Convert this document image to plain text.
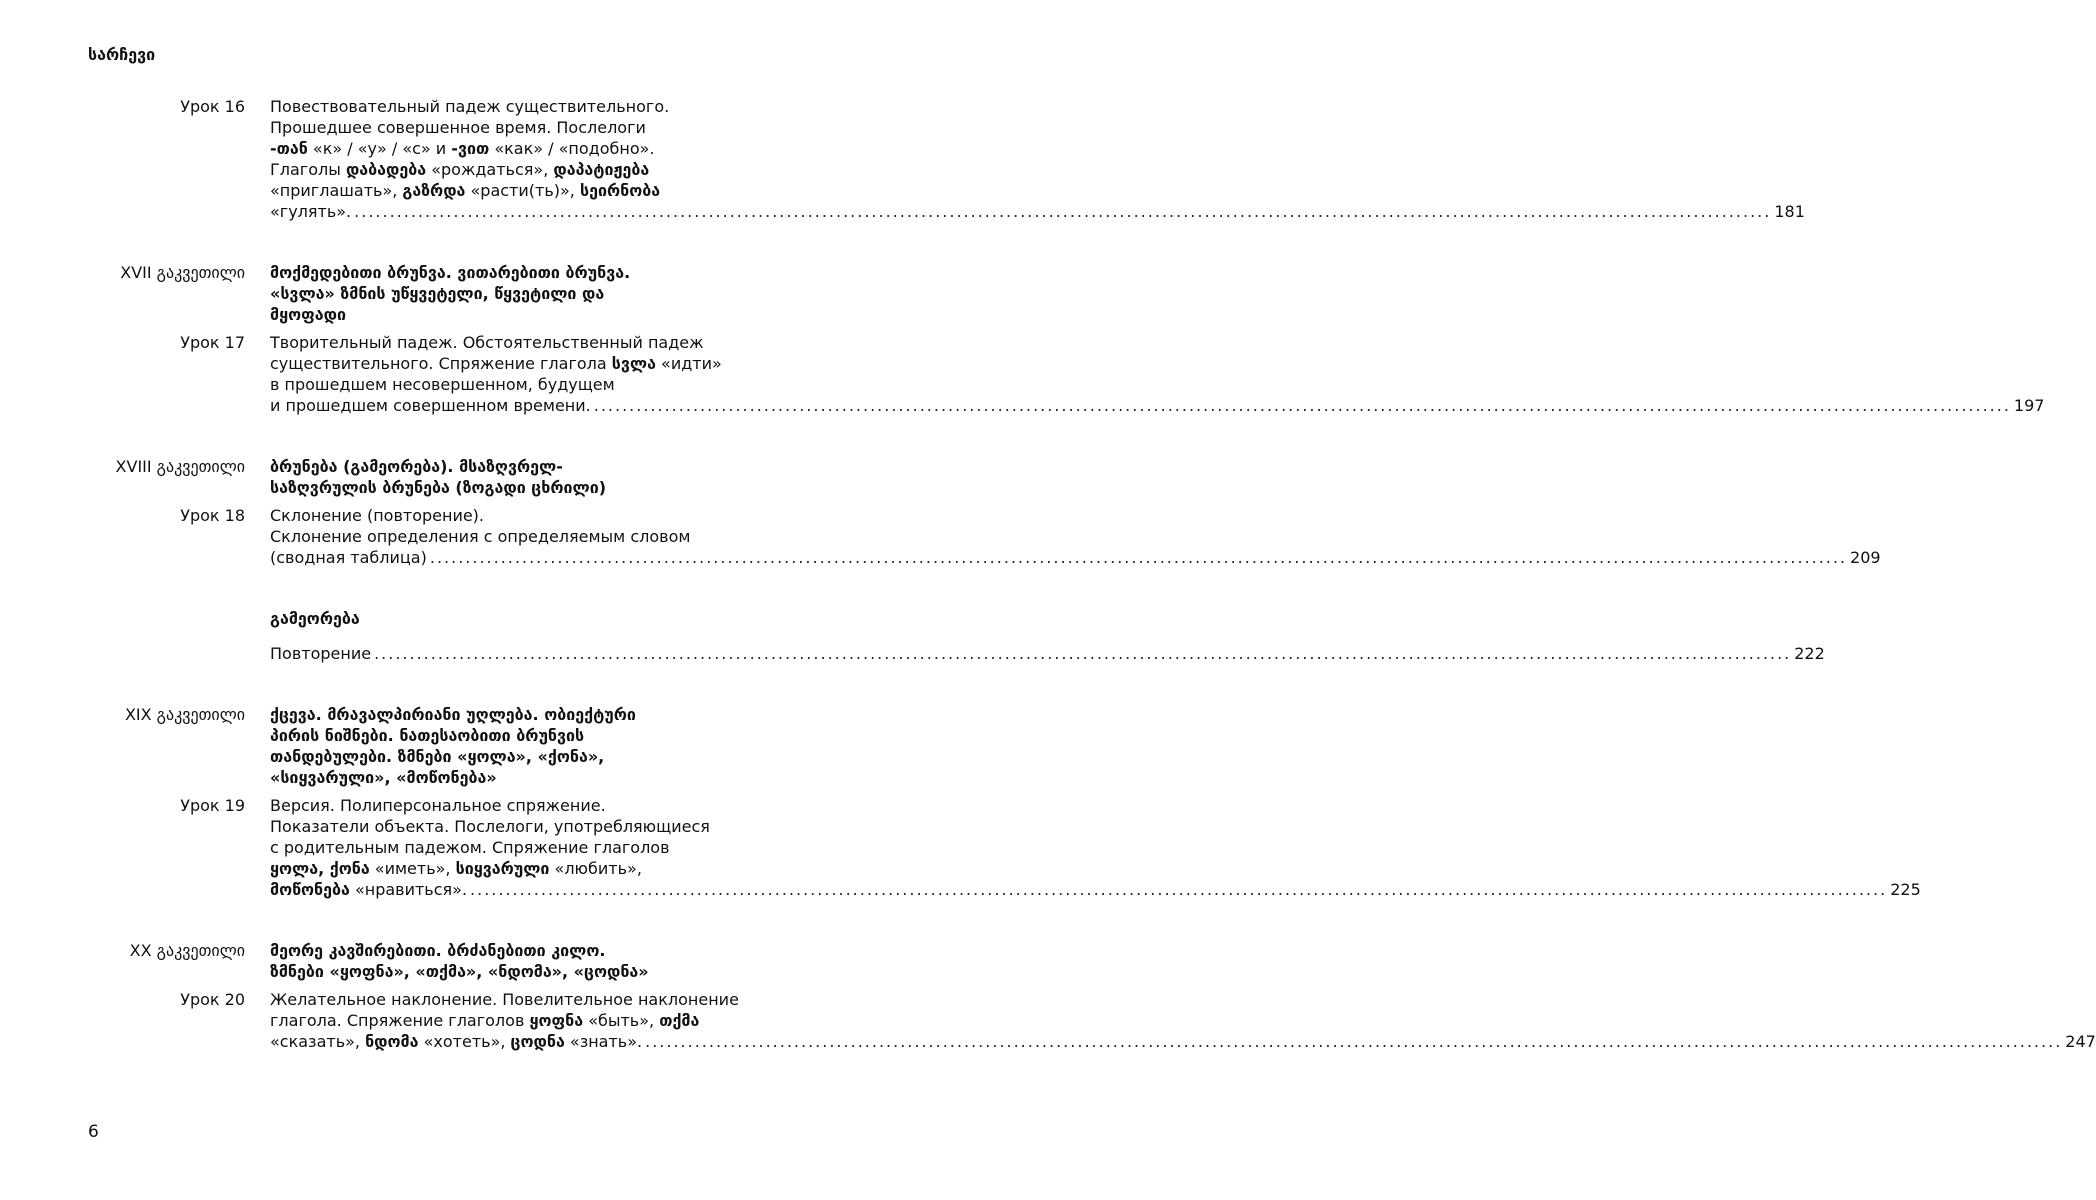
სარჩევი
Урок 16 Повествовательный падеж существительного.
Прошедшее совершенное время. Послелоги
-თან «к» / «у» / «с» и -ვით «как» / «подобно».
Глаголы დაბადება «рождаться», დაპატიჟება
«приглашать», გაზრდა «расти(ть)», სეირნობა
«гулять». ........................................................................................................................................................................................................ 181
XVII გაკვეთილი მოქმედებითი ბრუნვა. ვითარებითი ბრუნვა.
«სვლა» ზმნის უწყვეტელი, წყვეტილი და
მყოფადი
Урок 17 Творительный падеж. Обстоятельственный падеж
существительного. Спряжение глагола სვლა «идти»
в прошедшем несовершенном, будущем
и прошедшем совершенном времени. ........................................................................................................................................................................................................ 197
XVIII გაკვეთილი ბრუნება (გამეორება). მსაზღვრელ-
საზღვრულის ბრუნება (ზოგადი ცხრილი)
Урок 18 Склонение (повторение).
Склонение определения с определяемым словом
(сводная таблица) ........................................................................................................................................................................................................ 209
გამეორება
Повторение ........................................................................................................................................................................................................ 222
XIX გაკვეთილი ქცევა. მრავალპირიანი უღლება. ობიექტური
პირის ნიშნები. ნათესაობითი ბრუნვის
თანდებულები. ზმნები «ყოლა», «ქონა»,
«სიყვარული», «მოწონება»
Урок 19 Версия. Полиперсональное спряжение.
Показатели объекта. Послелоги, употребляющиеся
с родительным падежом. Спряжение глаголов
ყოლა, ქონა «иметь», სიყვარული «любить»,
მოწონება «нравиться». ........................................................................................................................................................................................................ 225
XX გაკვეთილი მეორე კავშირებითი. ბრძანებითი კილო.
ზმნები «ყოფნა», «თქმა», «ნდომა», «ცოდნა»
Урок 20 Желательное наклонение. Повелительное наклонение
глагола. Спряжение глаголов ყოფნა «быть», თქმა
«сказать», ნდომა «хотеть», ცოდნა «знать». ........................................................................................................................................................................................................ 247
6
